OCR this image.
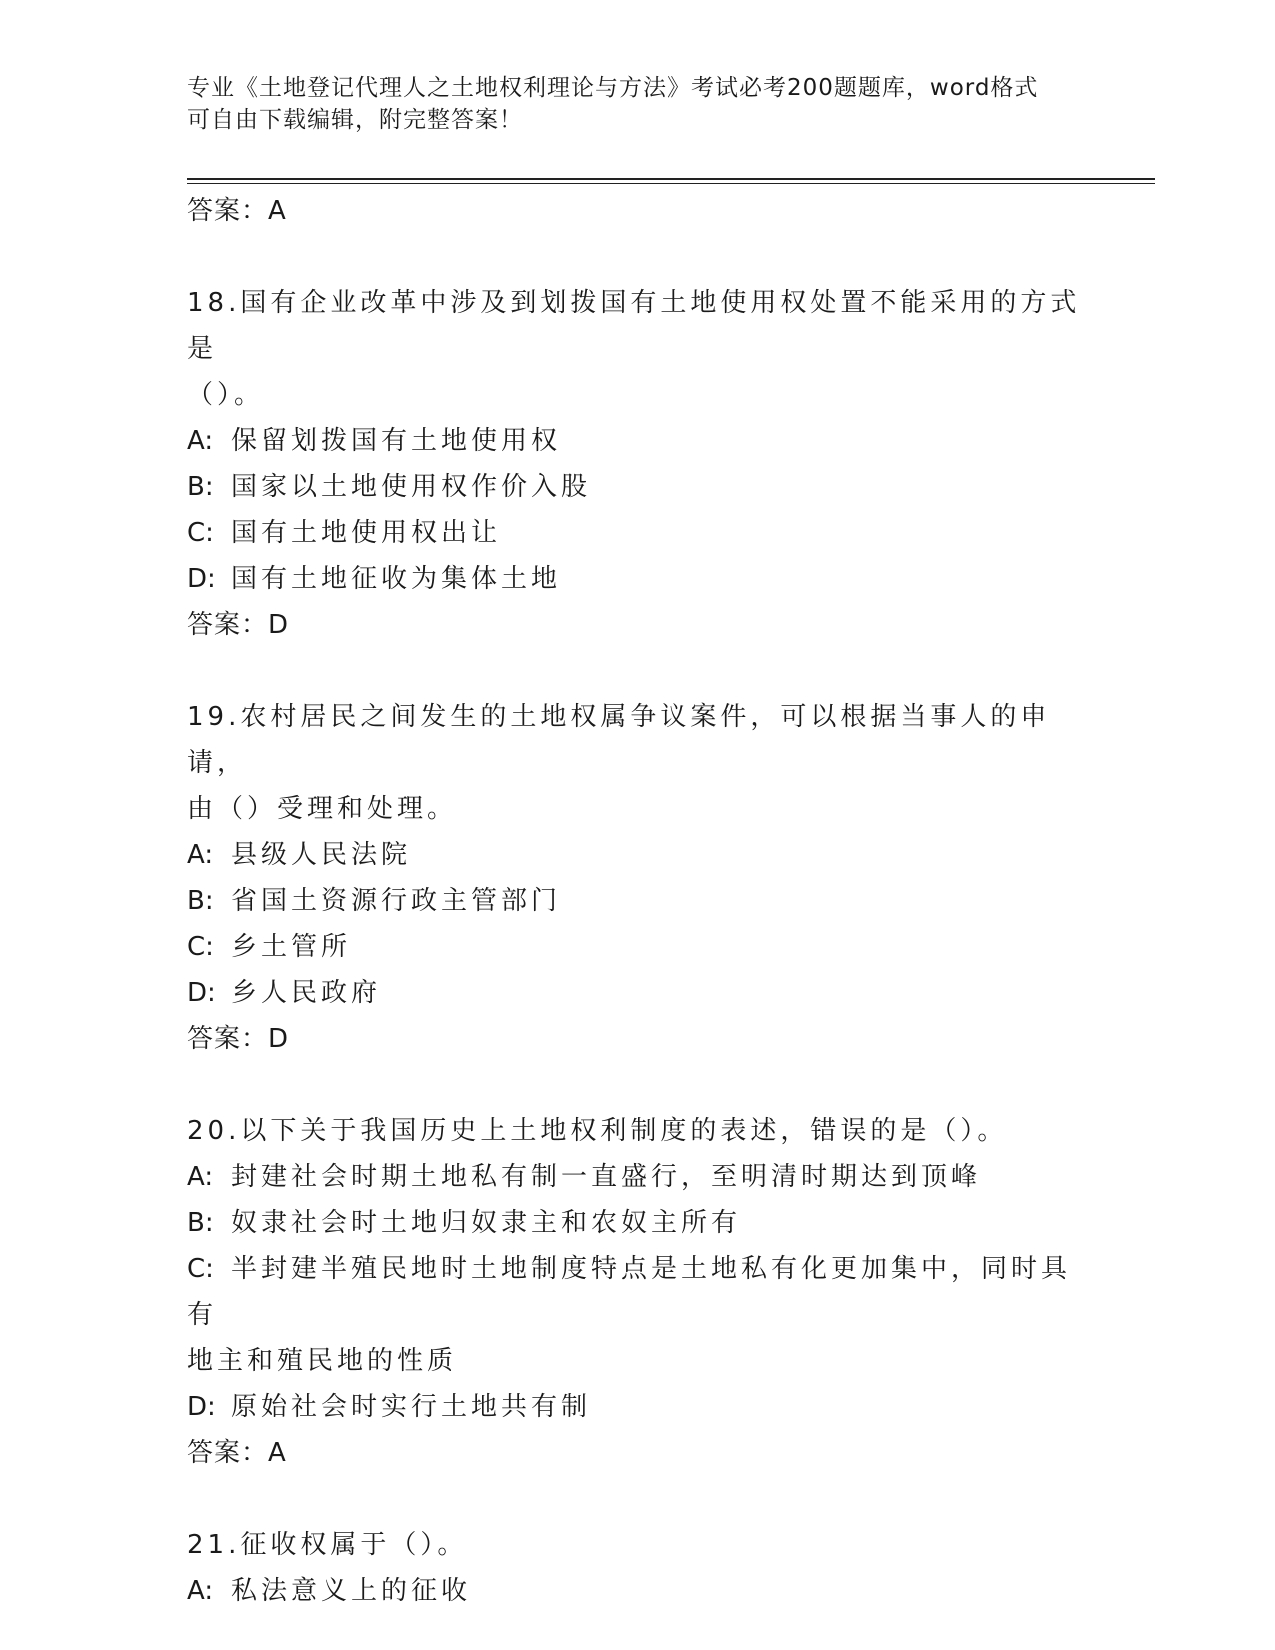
专业《土地登记代理人之土地权利理论与方法》考试必考200题题库，word格式
可自由下载编辑，附完整答案！

答案：A

18.国有企业改革中涉及到划拨国有土地使用权处置不能采用的方式是

（）。

A: 保留划拨国有土地使用权

B: 国家以土地使用权作价入股

C: 国有土地使用权出让

D: 国有土地征收为集体土地

答案：D

19.农村居民之间发生的土地权属争议案件，可以根据当事人的申请，

由（）受理和处理。

A: 县级人民法院

B: 省国土资源行政主管部门

C: 乡土管所

D: 乡人民政府

答案：D

20.以下关于我国历史上土地权利制度的表述，错误的是（）。

A: 封建社会时期土地私有制一直盛行，至明清时期达到顶峰

B: 奴隶社会时土地归奴隶主和农奴主所有

C: 半封建半殖民地时土地制度特点是土地私有化更加集中，同时具有

地主和殖民地的性质

D: 原始社会时实行土地共有制

答案：A

21.征收权属于（）。

A: 私法意义上的征收
